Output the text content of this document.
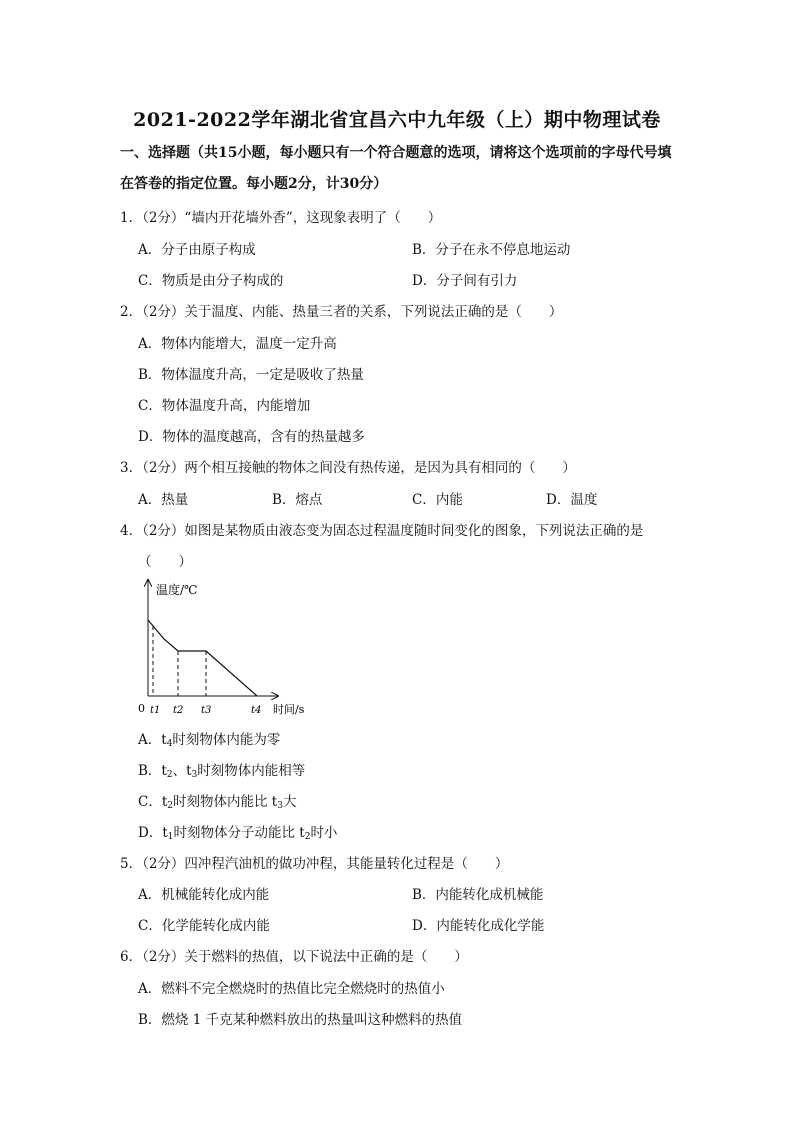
2021-2022学年湖北省宜昌六中九年级（上）期中物理试卷
一、选择题（共15小题，每小题只有一个符合题意的选项，请将这个选项前的字母代号填
在答卷的指定位置。每小题2分，计30分）
1．（2分）“墙内开花墙外香”，这现象表明了（　　）
A．分子由原子构成	B．分子在永不停息地运动
C．物质是由分子构成的	D．分子间有引力
2．（2分）关于温度、内能、热量三者的关系，下列说法正确的是（　　）
A．物体内能增大，温度一定升高
B．物体温度升高，一定是吸收了热量
C．物体温度升高，内能增加
D．物体的温度越高，含有的热量越多
3．（2分）两个相互接触的物体之间没有热传递，是因为具有相同的（　　）
A．热量	B．熔点	C．内能	D．温度
4．（2分）如图是某物质由液态变为固态过程温度随时间变化的图象，下列说法正确的是
（　　）
温度/℃
0 t1 t2 t3	t4 时间/s
A．$t_4$时刻物体内能为零
B．$t_2$、$t_3$时刻物体内能相等
C．$t_2$时刻物体内能比 $t_3$大
D．$t_1$时刻物体分子动能比 $t_2$时小
5．（2分）四冲程汽油机的做功冲程，其能量转化过程是（　　）
A．机械能转化成内能	B．内能转化成机械能
C．化学能转化成内能	D．内能转化成化学能
6．（2分）关于燃料的热值，以下说法中正确的是（　　）
A．燃料不完全燃烧时的热值比完全燃烧时的热值小
B．燃烧 1 千克某种燃料放出的热量叫这种燃料的热值
